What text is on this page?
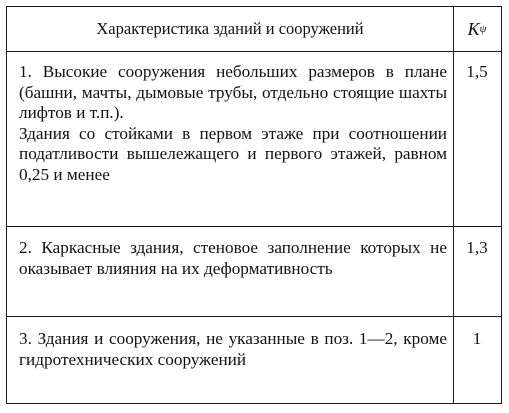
Характеристика зданий и сооружений	K ψ

1. Высокие сооружения небольших размеров в плане (башни, мачты, дымовые трубы, отдельно стоящие шахты лифтов и т.п.).

Здания со стойками в первом этаже при соотношении податливости вышележащего и первого этажей, равном 0,25 и менее

1,5

2. Каркасные здания, стеновое заполнение которых не оказывает влияния на их деформативность

1,3

3. Здания и сооружения, не указанные в поз. 1—2, кроме гидротехнических сооружений

1
